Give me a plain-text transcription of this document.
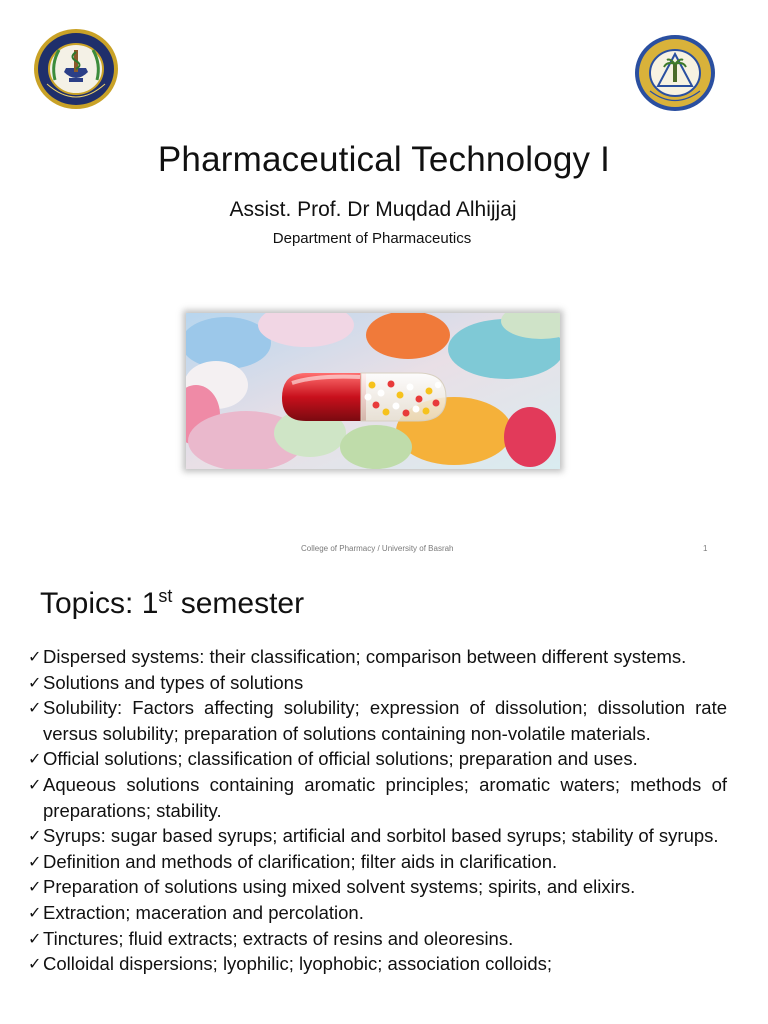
Pharmaceutical Technology I
Assist. Prof. Dr Muqdad Alhijjaj
Department of Pharmaceutics
College of Pharmacy / University of Basrah	1
Topics: 1st semester
✓ Dispersed systems: their classification; comparison between different systems.
✓ Solutions and types of solutions
✓ Solubility: Factors affecting solubility; expression of dissolution; dissolution rate versus solubility; preparation of solutions containing non-volatile materials.
✓ Official solutions; classification of official solutions; preparation and uses.
✓ Aqueous solutions containing aromatic principles; aromatic waters; methods of preparations; stability.
✓ Syrups: sugar based syrups; artificial and sorbitol based syrups; stability of syrups.
✓ Definition and methods of clarification; filter aids in clarification.
✓ Preparation of solutions using mixed solvent systems; spirits, and elixirs.
✓ Extraction; maceration and percolation.
✓ Tinctures; fluid extracts; extracts of resins and oleoresins.
✓ Colloidal dispersions; lyophilic; lyophobic; association colloids;
